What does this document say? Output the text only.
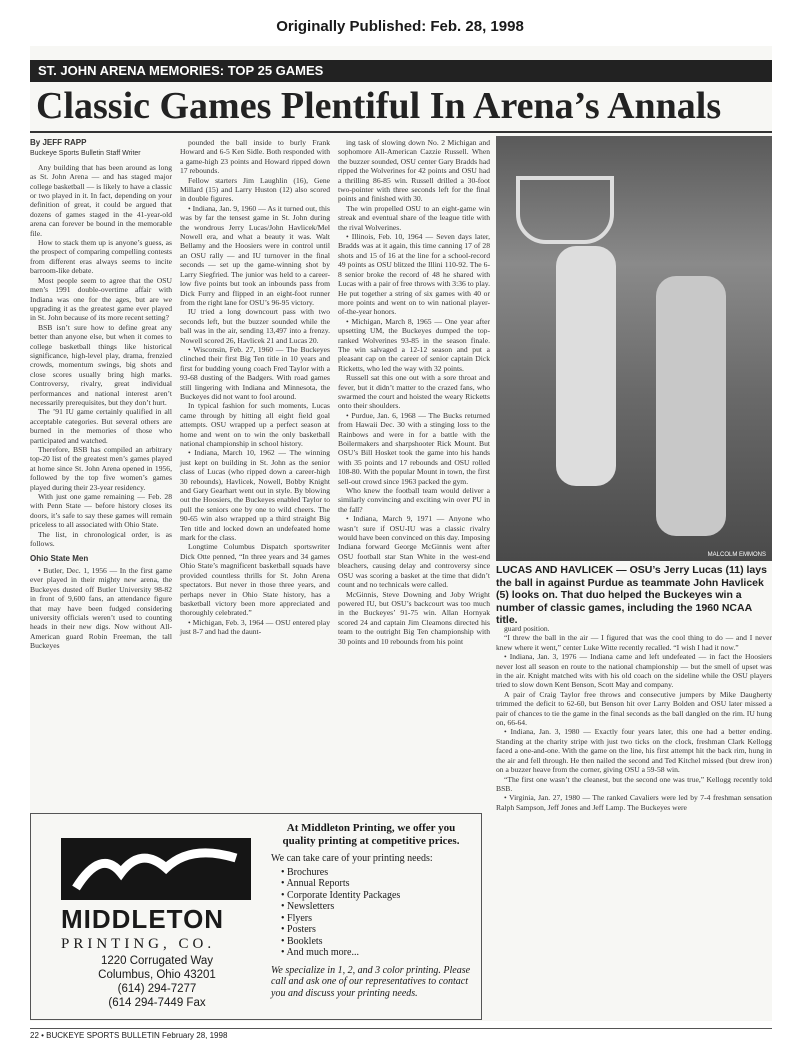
Originally Published: Feb. 28, 1998
ST. JOHN ARENA MEMORIES: TOP 25 GAMES
Classic Games Plentiful In Arena’s Annals
By JEFF RAPP
Buckeye Sports Bulletin Staff Writer

Any building that has been around as long as St. John Arena — and has staged major college basketball — is likely to have a classic or two played in it. In fact, depending on your definition of great, it could be argued that dozens of games staged in the 41-year-old arena can forever be bound in the memorable file.

How to stack them up is anyone’s guess, as the prospect of comparing compelling contests from different eras always seems to incite barroom-like debate.

Most people seem to agree that the OSU men’s 1991 double-overtime affair with Indiana was one for the ages, but are we upgrading it as the greatest game ever played in St. John because of its more recent setting?

BSB isn’t sure how to define great any better than anyone else, but when it comes to college basketball things like historical significance, high-level play, drama, frenzied crowds, momentum swings, big shots and close scores usually bring high marks. Controversy, rivalry, great individual performances and national interest aren’t necessarily prerequisites, but they don’t hurt.

The ’91 IU game certainly qualified in all acceptable categories. But several others are burned in the memories of those who participated and watched.

Therefore, BSB has compiled an arbitrary top-20 list of the greatest men’s games played at home since St. John Arena opened in 1956, followed by the top five women’s games played during their 23-year residency.

With just one game remaining — Feb. 28 with Penn State — before history closes its doors, it’s safe to say these games will remain priceless to all associated with Ohio State.

The list, in chronological order, is as follows.

Ohio State Men

• Butler, Dec. 1, 1956 — In the first game ever played in their mighty new arena, the Buckeyes dusted off Butler University 98-82 in front of 9,600 fans, an attendance figure that may have been fudged considering university officials weren’t used to counting heads in their new digs. Now without All-American guard Robin Freeman, the tall Buckeyes

pounded the ball inside to burly Frank Howard and 6-5 Ken Sidle. Both responded with a game-high 23 points and Howard ripped down 17 rebounds.

Fellow starters Jim Laughlin (16), Gene Millard (15) and Larry Huston (12) also scored in double figures.

• Indiana, Jan. 9, 1960 — As it turned out, this was by far the tensest game in St. John during the wondrous Jerry Lucas/John Havlicek/Mel Nowell era, and what a beauty it was. Walt Bellamy and the Hoosiers were in control until an OSU rally — and IU turnover in the final seconds — set up the game-winning shot by Larry Siegfried. The junior was held to a career-low five points but took an inbounds pass from Dick Furry and flipped in an eight-foot runner from the right lane for OSU’s 96-95 victory.

IU tried a long downcourt pass with two seconds left, but the buzzer sounded while the ball was in the air, sending 13,497 into a frenzy. Nowell scored 26, Havlicek 21 and Lucas 20.

• Wisconsin, Feb. 27, 1960 — The Buckeyes clinched their first Big Ten title in 10 years and first for budding young coach Fred Taylor with a 93-68 dusting of the Badgers. With road games still lingering with Indiana and Minnesota, the Buckeyes did not want to fool around.

In typical fashion for such moments, Lucas came through by hitting all eight field goal attempts. OSU wrapped up a perfect season at home and went on to win the only basketball national championship in school history.

• Indiana, March 10, 1962 — The winning just kept on building in St. John as the senior class of Lucas (who ripped down a career-high 30 rebounds), Havlicek, Nowell, Bobby Knight and Gary Gearhart went out in style. By blowing out the Hoosiers, the Buckeyes enabled Taylor to pull the seniors one by one to wild cheers. The 90-65 win also wrapped up a third straight Big Ten title and locked down an undefeated home mark for the class.

Longtime Columbus Dispatch sportswriter Dick Otte penned, “In three years and 34 games Ohio State’s magnificent basketball squads have provided countless thrills for St. John Arena spectators. But never in those three years, and perhaps never in Ohio State history, has a basketball victory been more appreciated and thoroughly celebrated.”

• Michigan, Feb. 3, 1964 — OSU entered play just 8-7 and had the daunt-

ing task of slowing down No. 2 Michigan and sophomore All-American Cazzie Russell. When the buzzer sounded, OSU center Gary Bradds had ripped the Wolverines for 42 points and OSU had a thrilling 86-85 win. Russell drilled a 30-foot two-pointer with three seconds left for the final points and finished with 30.

The win propelled OSU to an eight-game win streak and eventual share of the league title with the rival Wolverines.

• Illinois, Feb. 10, 1964 — Seven days later, Bradds was at it again, this time canning 17 of 28 shots and 15 of 16 at the line for a school-record 49 points as OSU blitzed the Illini 110-92. The 6-8 senior broke the record of 48 he shared with Lucas with a pair of free throws with 3:36 to play. He put together a string of six games with 40 or more points and went on to win national player-of-the-year honors.

• Michigan, March 8, 1965 — One year after upsetting UM, the Buckeyes dumped the top-ranked Wolverines 93-85 in the season finale. The win salvaged a 12-12 season and put a pleasant cap on the career of senior captain Dick Ricketts, who led the way with 32 points.

Russell sat this one out with a sore throat and fever, but it didn’t matter to the crazed fans, who swarmed the court and hoisted the weary Ricketts onto their shoulders.

• Purdue, Jan. 6, 1968 — The Bucks returned from Hawaii Dec. 30 with a stinging loss to the Rainbows and were in for a battle with the Boilermakers and sharpshooter Rick Mount. But OSU’s Bill Hosket took the game into his hands with 35 points and 17 rebounds and OSU rolled 108-80. With the popular Mount in town, the first sell-out crowd since 1963 packed the gym.

Who knew the football team would deliver a similarly convincing and exciting win over PU in the fall?

• Indiana, March 9, 1971 — Anyone who wasn’t sure if OSU-IU was a classic rivalry would have been convinced on this day. Imposing Indiana forward George McGinnis went after OSU football star Stan White in the west-end bleachers, causing delay and controversy since OSU was scoring a basket at the time that didn’t count and no technicals were called.

McGinnis, Steve Downing and Joby Wright powered IU, but OSU’s backcourt was too much in the Buckeyes’ 91-75 win. Allan Hornyak scored 24 and captain Jim Cleamons directed his team to the outright Big Ten championship with 30 points and 10 rebounds from his point

MALCOLM EMMONS
LUCAS AND HAVLICEK — OSU’s Jerry Lucas (11) lays the ball in against Purdue as teammate John Havlicek (5) looks on. That duo helped the Buckeyes win a number of classic games, including the 1960 NCAA title.

guard position.

“I threw the ball in the air — I figured that was the cool thing to do — and I never knew where it went,” center Luke Witte recently recalled. “I wish I had it now.”

• Indiana, Jan. 3, 1976 — Indiana came and left undefeated — in fact the Hoosiers never lost all season en route to the national championship — but the smell of upset was in the air. Knight matched wits with his old coach on the sideline while the OSU players tried to slow down Kent Benson, Scott May and company.

A pair of Craig Taylor free throws and consecutive jumpers by Mike Daugherty trimmed the deficit to 62-60, but Benson hit over Larry Bolden and OSU later missed a pair of chances to tie the game in the final seconds as the ball dangled on the rim. IU hung on, 66-64.

• Indiana, Jan. 3, 1980 — Exactly four years later, this one had a better ending. Standing at the charity stripe with just two ticks on the clock, freshman Clark Kellogg faced a one-and-one. With the game on the line, his first attempt hit the back rim, hung in the air and fell through. He then nailed the second and Ted Kitchel missed (but drew iron) on a buzzer heave from the corner, giving OSU a 59-58 win.

“The first one wasn’t the cleanest, but the second one was true,” Kellogg recently told BSB.

• Virginia, Jan. 27, 1980 — The ranked Cavaliers were led by 7-4 freshman sensation Ralph Sampson, Jeff Jones and Jeff Lamp. The Buckeyes were

MIDDLETON
PRINTING, CO.
1220 Corrugated Way
Columbus, Ohio 43201
(614) 294-7277
(614 294-7449 Fax
At Middleton Printing, we offer you quality printing at competitive prices.
We can take care of your printing needs:
• Brochures
• Annual Reports
• Corporate Identity Packages
• Newsletters
• Flyers
• Posters
• Booklets
• And much more...
We specialize in 1, 2, and 3 color printing. Please call and ask one of our representatives to contact you and discuss your printing needs.
22 • BUCKEYE SPORTS BULLETIN February 28, 1998
